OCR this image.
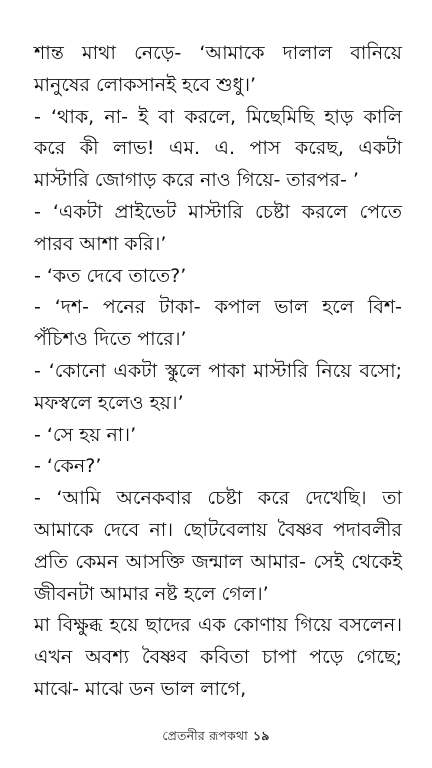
শান্ত মাথা নেড়ে- ‘আমাকে দালাল বানিয়ে মানুষের লোকসানই হবে শুধু।’

- ‘থাক, না- ই বা করলে, মিছেমিছি হাড় কালি করে কী লাভ! এম. এ. পাস করেছ, একটা মাস্টারি জোগাড় করে নাও গিয়ে- তারপর- ’

- ‘একটা প্রাইভেট মাস্টারি চেষ্টা করলে পেতে পারব আশা করি।’

- ‘কত দেবে তাতে?’

- ‘দশ- পনের টাকা- কপাল ভাল হলে বিশ- পঁচিশও দিতে পারে।’

- ‘কোনো একটা স্কুলে পাকা মাস্টারি নিয়ে বসো; মফস্বলে হলেও হয়।’

- ‘সে হয় না।’

- ‘কেন?’

- ‘আমি অনেকবার চেষ্টা করে দেখেছি। তা আমাকে দেবে না। ছোটবেলায় বৈষ্ণব পদাবলীর প্রতি কেমন আসক্তি জন্মাল আমার- সেই থেকেই জীবনটা আমার নষ্ট হলে গেল।’

মা বিক্ষুব্ধ হয়ে ছাদের এক কোণায় গিয়ে বসলেন। এখন অবশ্য বৈষ্ণব কবিতা চাপা পড়ে গেছে; মাঝে- মাঝে ডন ভাল লাগে,

প্রেতনীর রূপকথা ১৯
